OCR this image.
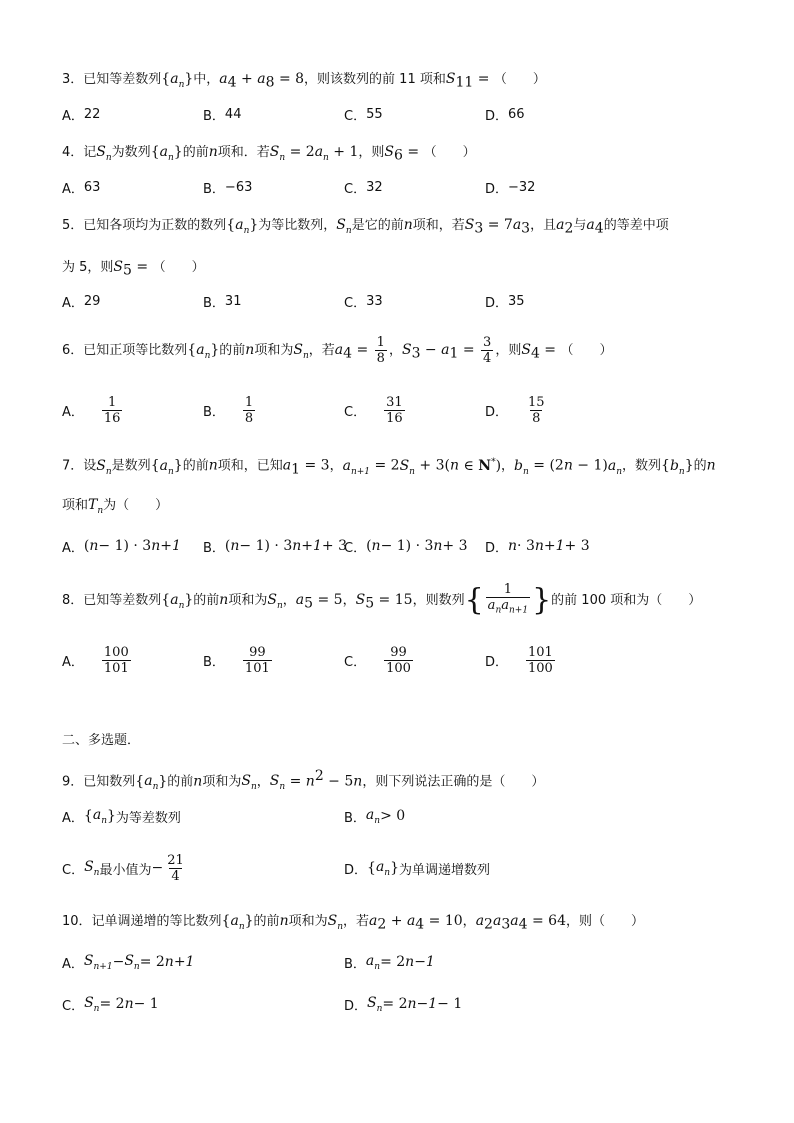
3．已知等差数列$\{a_n\}$中，$a_4 + a_8 = 8$，则该数列的前 11 项和$S_{11}$ = （　　）
A． 22	B． 44	C． 55	D． 66
4．记$S_n$为数列$\{a_n\}$的前n项和．若$S_n = 2a_n + 1$，则$S_6$ = （　　）
A． 63	B． −63	C． 32	D． −32
5．已知各项均为正数的数列$\{a_n\}$为等比数列，$S_n$是它的前n项和，若$S_3 = 7a_3$，且$a_2$与$a_4$的等差中项
为 5，则$S_5$ = （　　）
A． 29	B． 31	C． 33	D． 35
6．已知正项等比数列$\{a_n\}$的前n项和为$S_n$，若$a_4 = \frac{1}{8}$ ，$S_3 - a_1 = \frac{3}{4}$ ，则$S_4$ = （　　）
A． $\frac{1}{16}$	B． $\frac{1}{8}$	C． $\frac{31}{16}$	D． $\frac{15}{8}$
7．设$S_n$是数列$\{a_n\}$的前n项和，已知$a_1 = 3$，$a_{n+1} = 2S_n + 3(n$ ∈ N*)，$b_n = (2n - 1)a_n$，数列$\{b_n\}$的n
项和$T_n$为（　　）
A． ( n − 1) · 3 n+1 B． ( n − 1) · 3 n+1 + 3
C． ( n − 1) · 3 n + 3 D． n · 3 n+1 + 3
8．已知等差数列$\{a_n\}$的前n项和为$S_n$，$a_5 = 5$，$S_5 = 15$，则数列{ $\frac{1}{a_na_{n+1}}$ }的前 100 项和为（　　）
A． $\frac{100}{101}$	B． $\frac{99}{101}$	C． $\frac{99}{100}$	D． $\frac{101}{100}$
二、多选题．
9．已知数列$\{a_n\}$的前n项和为$S_n$，$S_n = n^2 - 5n$，则下列说法正确的是（　　）
A． { $a_n$ } 为等差数列	B． $a_n > 0$
C． $S_n$ 最小值为 − $\frac{21}{4}$	D． { $a_n$ } 为单调递增数列
10．记单调递增的等比数列$\{a_n\}$的前n项和为$S_n$，若$a_2 + a_4 = 10$，$a_2a_3a_4 = 64$，则（　　）
A． $S_{n+1} - S_n = 2$ n+1	B． $a_n = 2$ n−1
C． $S_n = 2$ n − 1	D． $S_n = 2$ n−1 − 1
